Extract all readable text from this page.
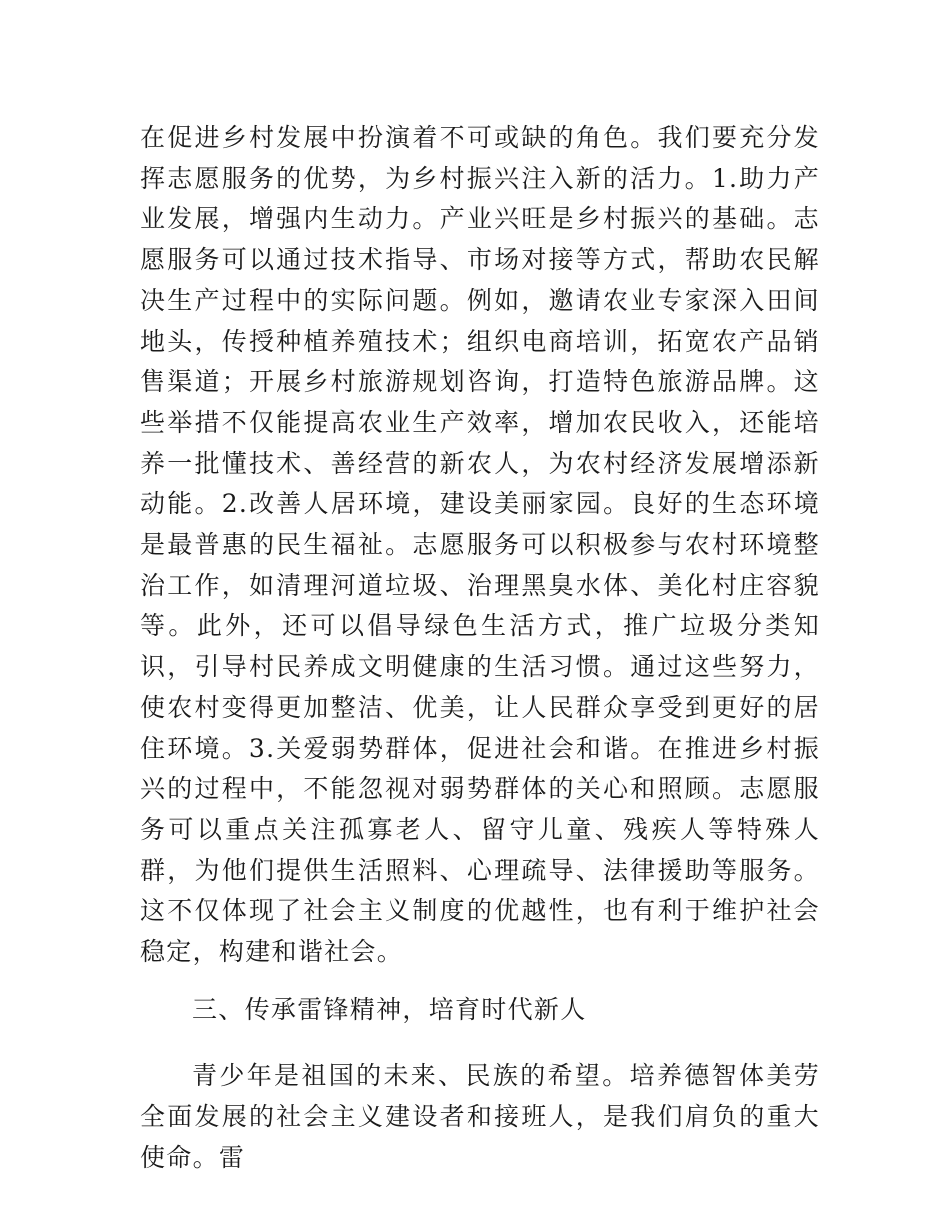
在促进乡村发展中扮演着不可或缺的角色。我们要充分发挥志愿服务的优势，为乡村振兴注入新的活力。1.助力产业发展，增强内生动力。产业兴旺是乡村振兴的基础。志愿服务可以通过技术指导、市场对接等方式，帮助农民解决生产过程中的实际问题。例如，邀请农业专家深入田间地头，传授种植养殖技术；组织电商培训，拓宽农产品销售渠道；开展乡村旅游规划咨询，打造特色旅游品牌。这些举措不仅能提高农业生产效率，增加农民收入，还能培养一批懂技术、善经营的新农人，为农村经济发展增添新动能。2.改善人居环境，建设美丽家园。良好的生态环境是最普惠的民生福祉。志愿服务可以积极参与农村环境整治工作，如清理河道垃圾、治理黑臭水体、美化村庄容貌等。此外，还可以倡导绿色生活方式，推广垃圾分类知识，引导村民养成文明健康的生活习惯。通过这些努力，使农村变得更加整洁、优美，让人民群众享受到更好的居住环境。3.关爱弱势群体，促进社会和谐。在推进乡村振兴的过程中，不能忽视对弱势群体的关心和照顾。志愿服务可以重点关注孤寡老人、留守儿童、残疾人等特殊人群，为他们提供生活照料、心理疏导、法律援助等服务。这不仅体现了社会主义制度的优越性，也有利于维护社会稳定，构建和谐社会。

三、传承雷锋精神，培育时代新人

青少年是祖国的未来、民族的希望。培养德智体美劳全面发展的社会主义建设者和接班人，是我们肩负的重大使命。雷
